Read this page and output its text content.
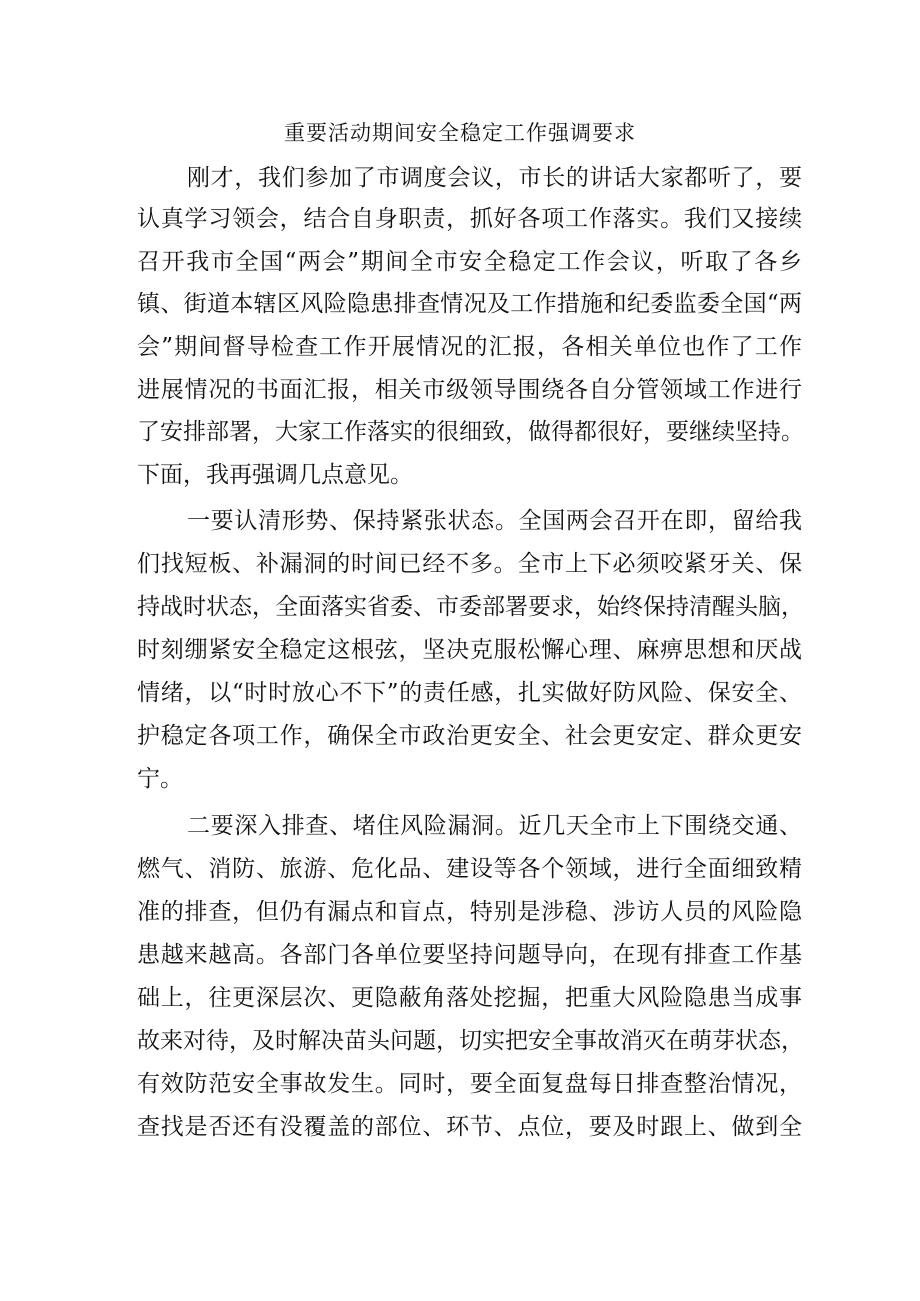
重要活动期间安全稳定工作强调要求
刚才，我们参加了市调度会议，市长的讲话大家都听了，要
认真学习领会，结合自身职责，抓好各项工作落实。我们又接续
召开我市全国“两会”期间全市安全稳定工作会议，听取了各乡
镇、街道本辖区风险隐患排查情况及工作措施和纪委监委全国“两
会”期间督导检查工作开展情况的汇报，各相关单位也作了工作
进展情况的书面汇报，相关市级领导围绕各自分管领域工作进行
了安排部署，大家工作落实的很细致，做得都很好，要继续坚持。
下面，我再强调几点意见。
一要认清形势、保持紧张状态。全国两会召开在即，留给我
们找短板、补漏洞的时间已经不多。全市上下必须咬紧牙关、保
持战时状态，全面落实省委、市委部署要求，始终保持清醒头脑，
时刻绷紧安全稳定这根弦，坚决克服松懈心理、麻痹思想和厌战
情绪，以“时时放心不下”的责任感，扎实做好防风险、保安全、
护稳定各项工作，确保全市政治更安全、社会更安定、群众更安
宁。
二要深入排查、堵住风险漏洞。近几天全市上下围绕交通、
燃气、消防、旅游、危化品、建设等各个领域，进行全面细致精
准的排查，但仍有漏点和盲点，特别是涉稳、涉访人员的风险隐
患越来越高。各部门各单位要坚持问题导向，在现有排查工作基
础上，往更深层次、更隐蔽角落处挖掘，把重大风险隐患当成事
故来对待，及时解决苗头问题，切实把安全事故消灭在萌芽状态，
有效防范安全事故发生。同时，要全面复盘每日排查整治情况，
查找是否还有没覆盖的部位、环节、点位，要及时跟上、做到全
